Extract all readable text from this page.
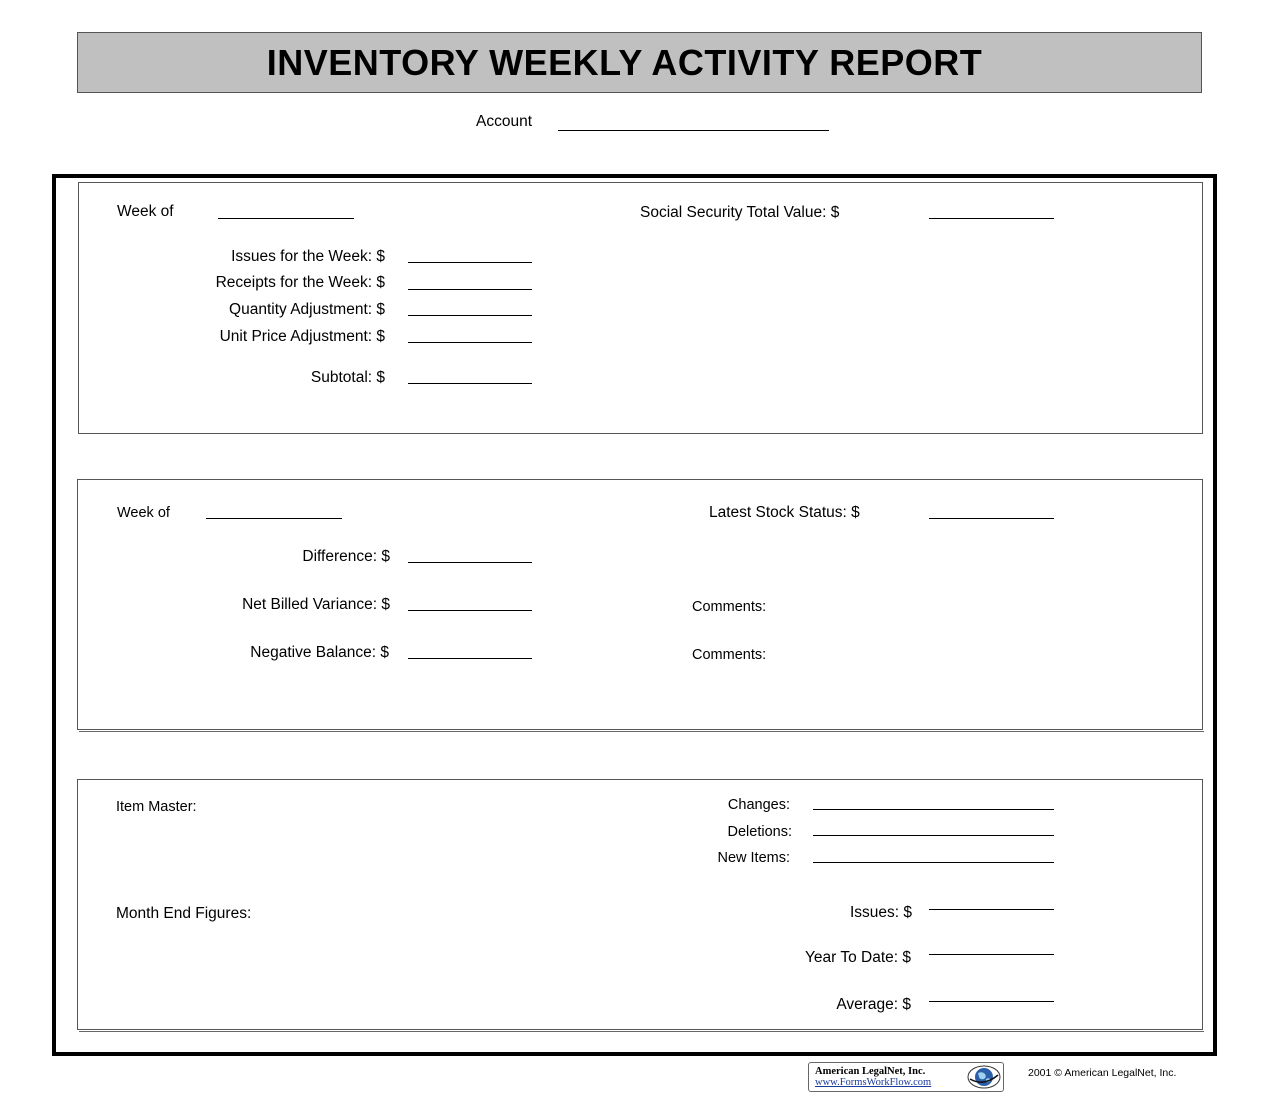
INVENTORY WEEKLY ACTIVITY REPORT
Account
Week of	Social Security Total Value: $
Issues for the Week: $
Receipts for the Week: $
Quantity Adjustment: $
Unit Price Adjustment: $
Subtotal: $
Week of	Latest Stock Status: $
Difference: $
Net Billed Variance: $	Comments:
Negative Balance: $	Comments:
Item Master:	Changes:
Deletions:
New Items:
Month End Figures:	Issues: $
Year To Date: $
Average: $
American LegalNet, Inc.
www.FormsWorkFlow.com
2001 © American LegalNet, Inc.
